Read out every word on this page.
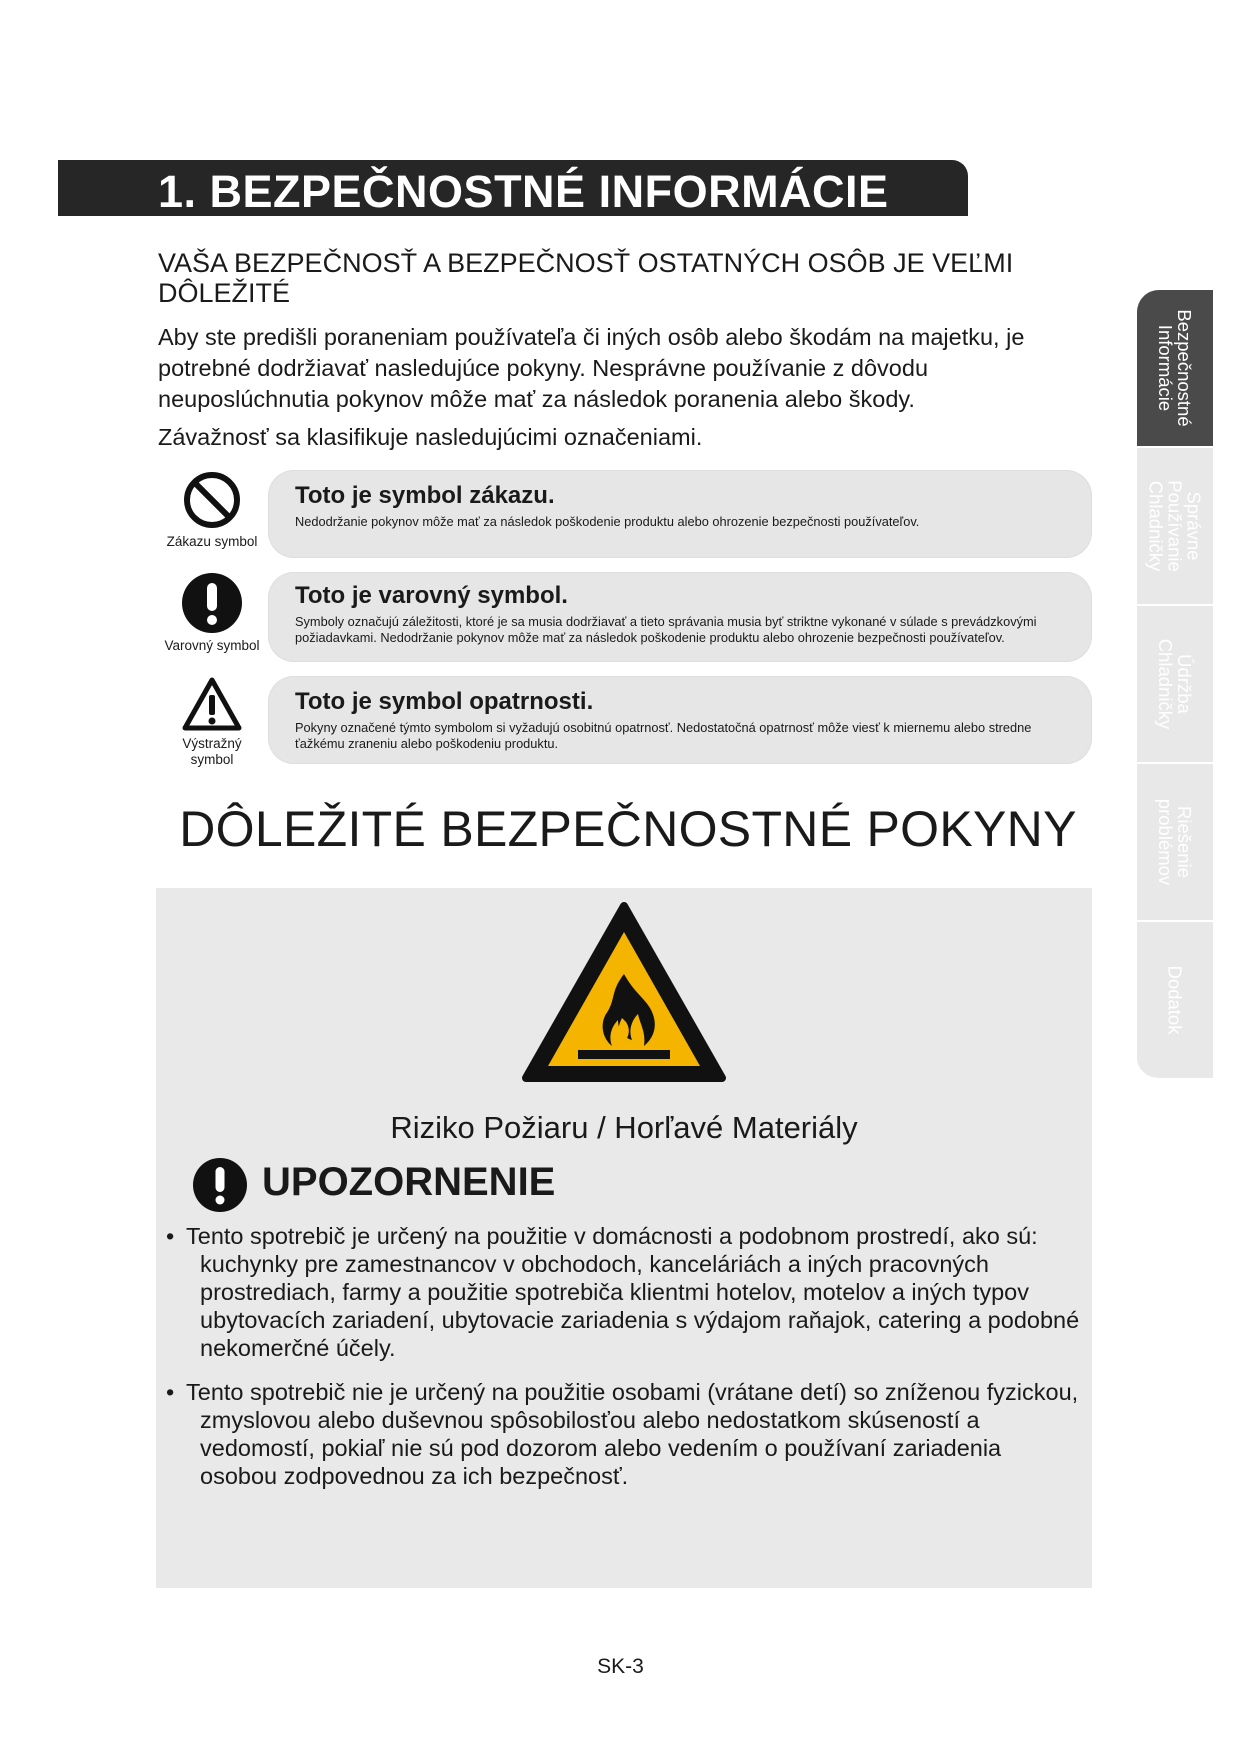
1. BEZPEČNOSTNÉ INFORMÁCIE
VAŠA BEZPEČNOSŤ A BEZPEČNOSŤ OSTATNÝCH OSÔB JE VEĽMI DÔLEŽITÉ

Aby ste predišli poraneniam používateľa či iných osôb alebo škodám na majetku, je potrebné dodržiavať nasledujúce pokyny. Nesprávne používanie z dôvodu neuposlúchnutia pokynov môže mať za následok poranenia alebo škody.

Závažnosť sa klasifikuje nasledujúcimi označeniami.

Zákazu symbol

Toto je symbol zákazu.

Nedodržanie pokynov môže mať za následok poškodenie produktu alebo ohrozenie bezpečnosti používateľov.

Varovný symbol

Toto je varovný symbol.

Symboly označujú záležitosti, ktoré je sa musia dodržiavať a tieto správania musia byť striktne vykonané v súlade s prevádzkovými požiadavkami. Nedodržanie pokynov môže mať za následok poškodenie produktu alebo ohrozenie bezpečnosti používateľov.

Výstražný symbol

Toto je symbol opatrnosti.

Pokyny označené týmto symbolom si vyžadujú osobitnú opatrnosť. Nedostatočná opatrnosť môže viesť k miernemu alebo stredne ťažkému zraneniu alebo poškodeniu produktu.

DÔLEŽITÉ BEZPEČNOSTNÉ POKYNY

Riziko Požiaru / Horľavé Materiály

UPOZORNENIE

• Tento spotrebič je určený na použitie v domácnosti a podobnom prostredí, ako sú: kuchynky pre zamestnancov v obchodoch, kanceláriách a iných pracovných prostrediach, farmy a použitie spotrebiča klientmi hotelov, motelov a iných typov ubytovacích zariadení, ubytovacie zariadenia s výdajom raňajok, catering a podobné nekomerčné účely.
• Tento spotrebič nie je určený na použitie osobami (vrátane detí) so zníženou fyzickou, zmyslovou alebo duševnou spôsobilosťou alebo nedostatkom skúseností a vedomostí, pokiaľ nie sú pod dozorom alebo vedením o používaní zariadenia osobou zodpovednou za ich bezpečnosť.
SK-3
Bezpečnostné
Informácie
Správne
Používanie
Chladničky
Údržba
Chladničky
Riešenie
problémov
Dodatok
